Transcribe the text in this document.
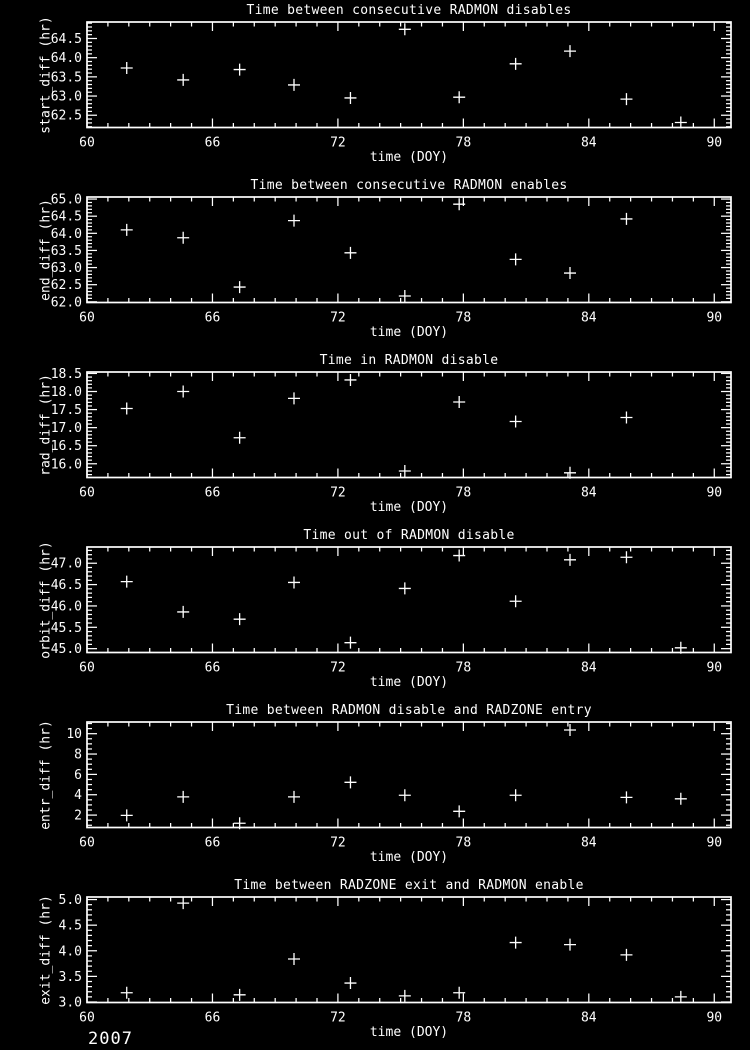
Time between consecutive RADMON disables
start_diff (hr)
60	66	72	78	84	90
62.5
63.0
63.5
64.0
64.5
time (DOY)
Time between consecutive RADMON enables
end_diff (hr)
60	66	72	78	84	90
62.0
62.5
63.0
63.5
64.0
64.5
65.0
time (DOY)
Time in RADMON disable
rad_diff (hr)
60	66	72	78	84	90
16.0
16.5
17.0
17.5
18.0
18.5
time (DOY)
Time out of RADMON disable
orbit_diff (hr)
60	66	72	78	84	90
45.0
45.5
46.0
46.5
47.0
time (DOY)
Time between RADMON disable and RADZONE entry
entr_diff (hr)
60	66	72	78	84	90
2
4
6
8
10
time (DOY)
Time between RADZONE exit and RADMON enable
exit_diff (hr)
60	66	72	78	84	90
3.0
3.5
4.0
4.5
5.0
time (DOY)
2007
